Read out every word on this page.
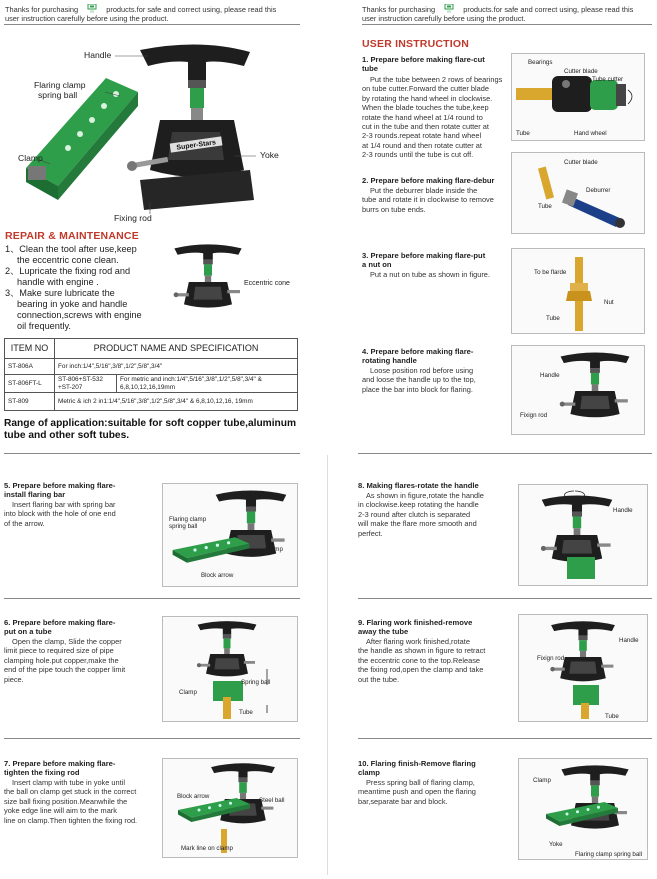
Thanks for purchasing	SS products.for safe and correct using, please read this
user instruction carefully before using the product.
Thanks for purchasing	SS products.for safe and correct using, please read this
user instruction carefully before using the product.
Super-Stars
Handle
Flaring clamp
spring ball
Clamp	Yoke
Fixing rod
REPAIR & MAINTENANCE
1、Clean the tool after use,keep
the eccentric cone clean.
2、Lupricate the fixing rod and
handle with engine .
3、Make sure lubricate the
bearing in yoke and handle
connection,screws with engine
oil frequently.
Eccentric cone
ITEM NO	PRODUCT NAME AND SPECIFICATION	
ST-806A	For inch:1/4",5/16",3/8",1/2",5/8",3/4"	
ST-806FT-L	ST-806+ST-532 +ST-207	For metric and inch:1/4",5/16",3/8",1/2",5/8",3/4" & 6,8,10,12,16,19mm
ST-809	Metric & ich 2 in1:1/4",5/16",3/8",1/2",5/8",3/4" & 6,8,10,12,16, 19mm	
Range of application:suitable for soft copper tube,aluminum
tube and other soft tubes.
USER INSTRUCTION
1. Prepare before making flare-cut
tube
Put the tube between 2 rows of bearings
on tube cutter.Forward the cutter blade
by rotating the hand wheel in clockwise.
When the blade touches the tube,keep
rotate the hand wheel at 1/4 round to
cut in the tube and then rotate cutter at
2-3 rounds.repeat rotate hand wheel
at 1/4 round and then rotate cutter at
2-3 rounds until the tube is cut off.
Bearings
Cutter blade
Tube cutter
Tube	Hand wheel
2. Prepare before making flare-debur
Put the deburrer blade inside the
tube and rotate it in clockwise to remove
burrs on tube ends.
Cutter blade
Deburrer
Tube
3. Prepare before making flare-put
a nut on
Put a nut on tube as shown in figure.	To be flarde
Nut
Tube
4. Prepare before making flare-
rotating handle
Loose position rod before using
and loose the handle up to the top,
place the bar into block for flaring.
Handle
Fixign rod
5. Prepare before making flare-
install flaring bar
Insert flaring bar with spring bar
into block with the hole of one end
of the arrow.	Flaring clamp
spring ball
Clamp
Block arrow
6. Prepare before making flare-
put on a tube
Open the clamp, Slide the copper
limit piece to required size of pipe
clamping hole.put copper,make the
end of the pipe touch the copper limit
piece.	Spring ball
Clamp
Tube
7. Prepare before making flare-
tighten the fixing rod
Insert clamp with tube in yoke until
the ball on clamp get stuck in the correct
size ball fixing position.Meanwhile the
yoke edge line will aim to the mark
line on clamp.Then tighten the fixing rod.
Block arrow
Steel ball
Mark line on clamp
8. Making flares-rotate the handle
As shown in figure,rotate the handle
in clockwise.keep rotating the handle
2-3 round after clutch is separated
will make the flare more smooth and
perfect.
Handle
9. Flaring work finished-remove
away the tube
After flaring work finished,rotate
the handle as shown in figure to retract
the eccentric cone to the top.Release
the fixing rod,open the clamp and take
out the tube.
Handle
Fixign rod
Tube
10. Flaring finish-Remove flaring
clamp
Press spring ball of flaring clamp,
meantime push and open the flaring
bar,separate bar and block.
Clamp
Yoke
Flaring clamp spring ball
